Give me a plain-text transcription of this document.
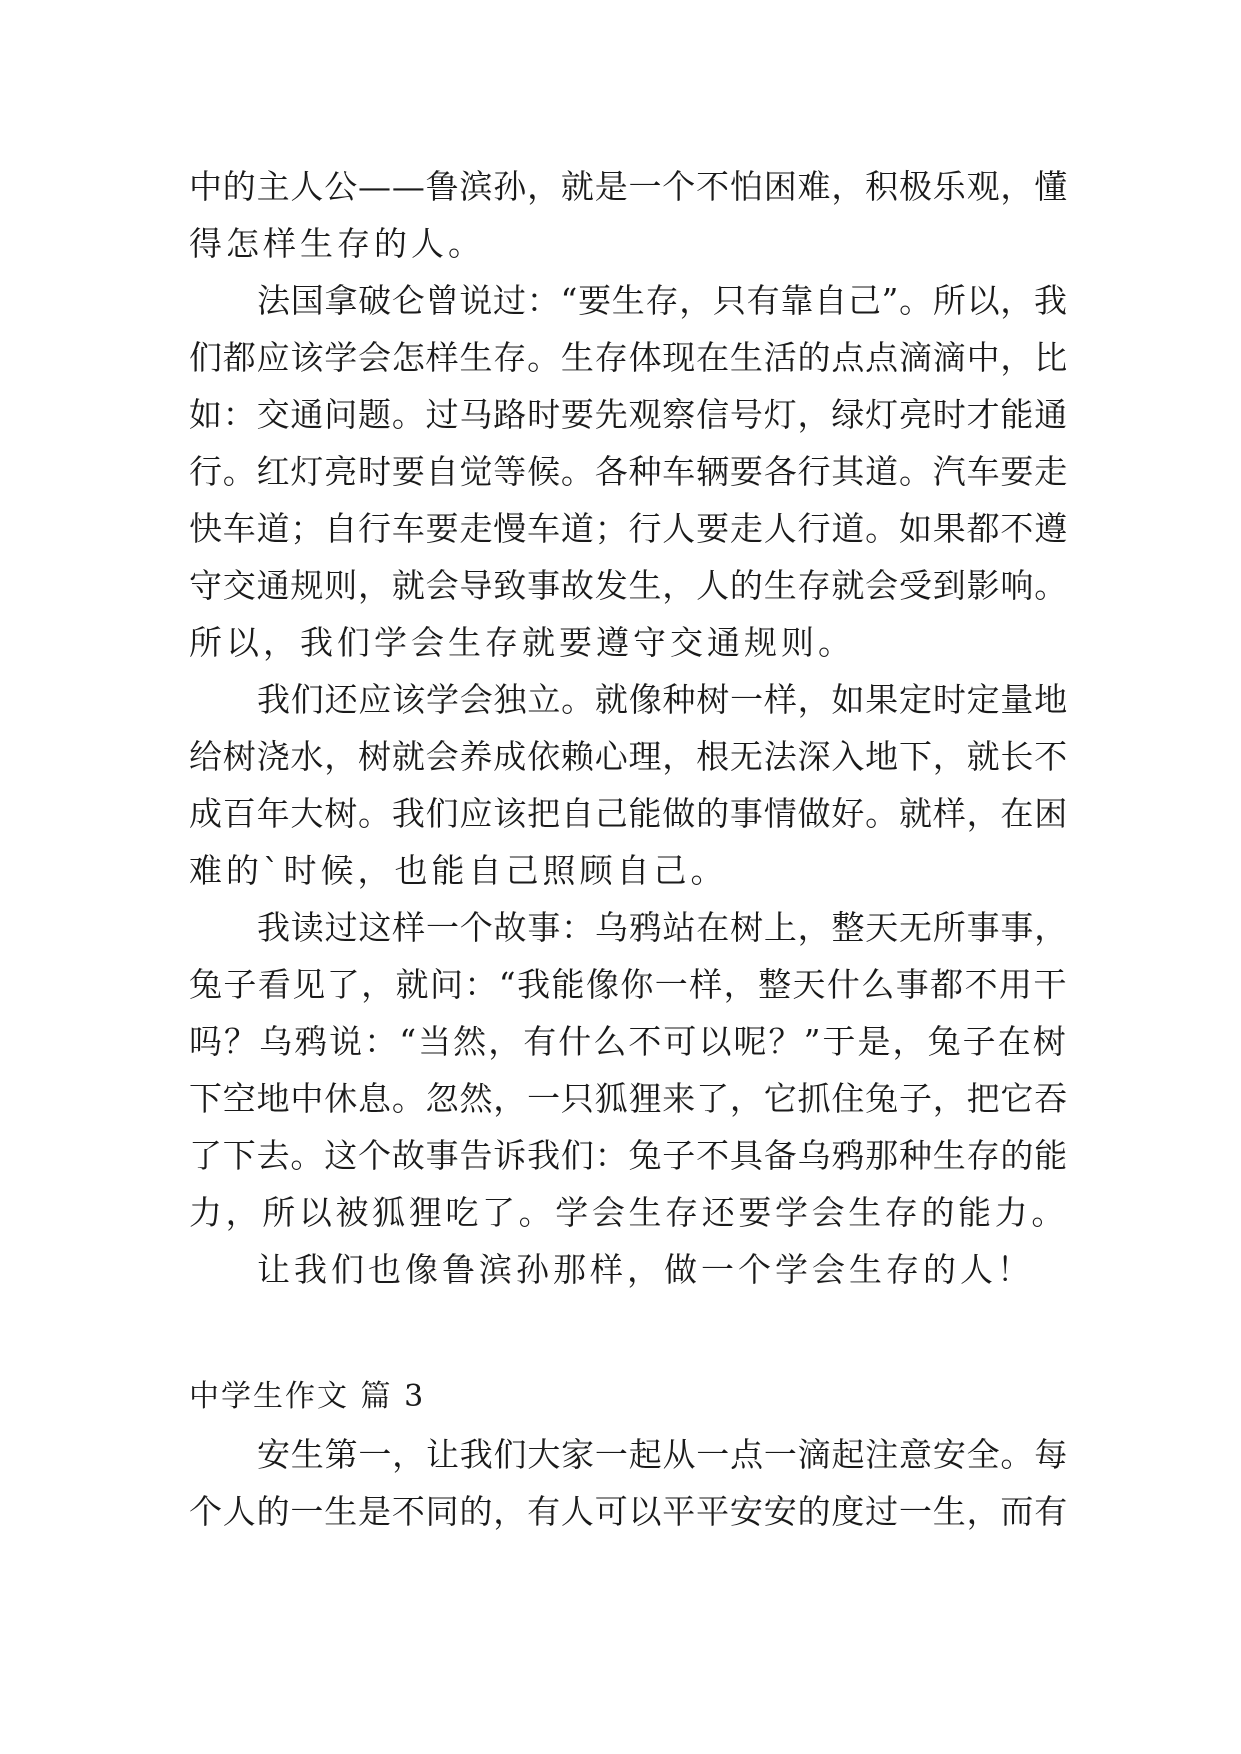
中的主人公——鲁滨孙，就是一个不怕困难，积极乐观，懂
得怎样生存的人。
法国拿破仑曾说过：“要生存，只有靠自己”。所以，我
们都应该学会怎样生存。生存体现在生活的点点滴滴中，比
如：交通问题。过马路时要先观察信号灯，绿灯亮时才能通
行。红灯亮时要自觉等候。各种车辆要各行其道。汽车要走
快车道；自行车要走慢车道；行人要走人行道。如果都不遵
守交通规则，就会导致事故发生，人的生存就会受到影响。
所以，我们学会生存就要遵守交通规则。
我们还应该学会独立。就像种树一样，如果定时定量地
给树浇水，树就会养成依赖心理，根无法深入地下，就长不
成百年大树。我们应该把自己能做的事情做好。就样，在困
难的`时候，也能自己照顾自己。
我读过这样一个故事：乌鸦站在树上，整天无所事事，
兔子看见了，就问：“我能像你一样，整天什么事都不用干
吗？乌鸦说：“当然，有什么不可以呢？”于是，兔子在树
下空地中休息。忽然，一只狐狸来了，它抓住兔子，把它吞
了下去。这个故事告诉我们：兔子不具备乌鸦那种生存的能
力，所以被狐狸吃了。学会生存还要学会生存的能力。
让我们也像鲁滨孙那样，做一个学会生存的人！
中学生作文 篇 3
安生第一，让我们大家一起从一点一滴起注意安全。每
个人的一生是不同的，有人可以平平安安的度过一生，而有
